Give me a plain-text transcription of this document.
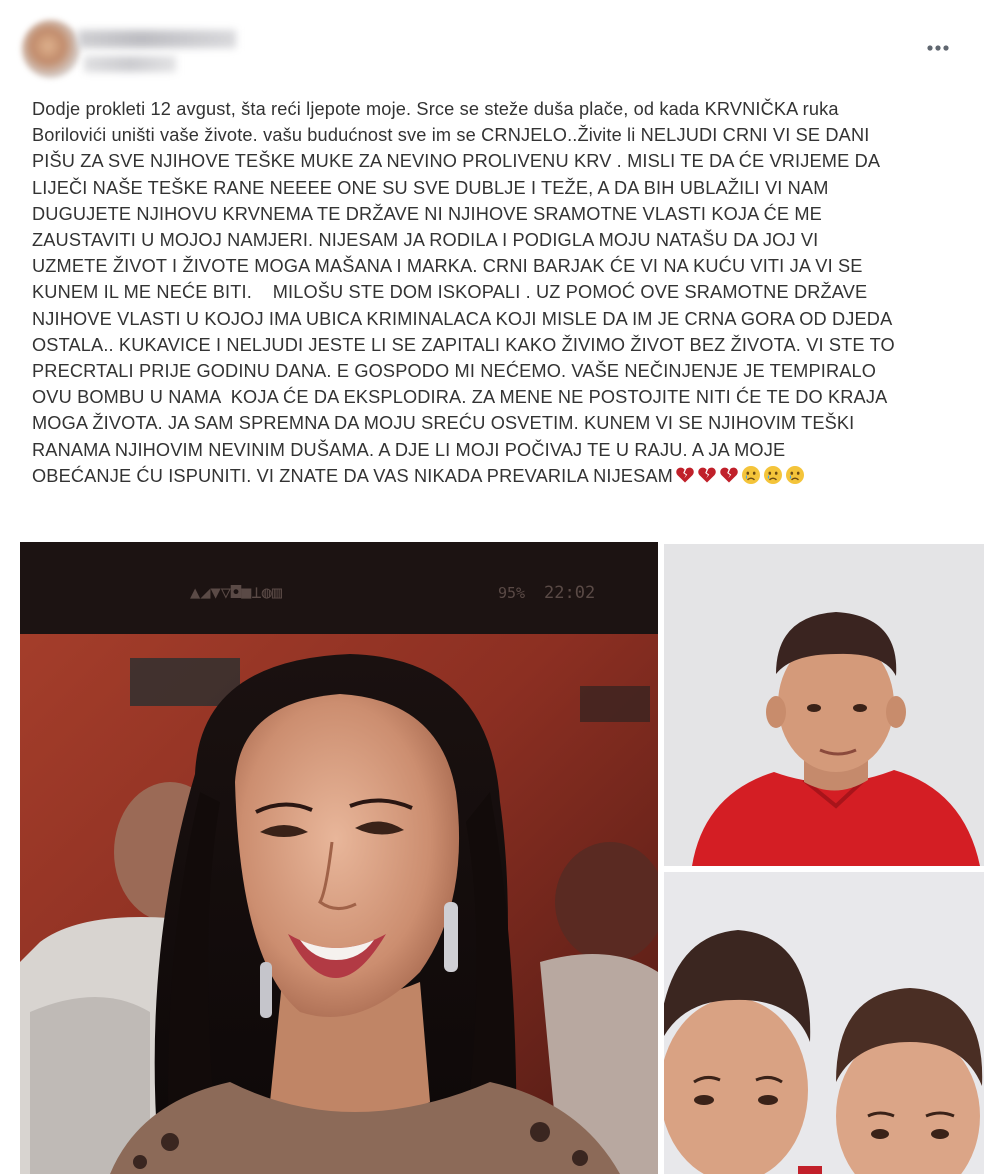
Dodje prokleti 12 avgust, šta reći ljepote moje. Srce se steže duša plače, od kada KRVNIČKA ruka
Borilovići uništi vaše živote. vašu budućnost sve im se CRNJELO..Živite li NELJUDI CRNI VI SE DANI
PIŠU ZA SVE NJIHOVE TEŠKE MUKE ZA NEVINO PROLIVENU KRV . MISLI TE DA ĆE VRIJEME DA
LIJEČI NAŠE TEŠKE RANE NEEEE ONE SU SVE DUBLJE I TEŽE, A DA BIH UBLAŽILI VI NAM
DUGUJETE NJIHOVU KRVNEMA TE DRŽAVE NI NJIHOVE SRAMOTNE VLASTI KOJA ĆE ME
ZAUSTAVITI U MOJOJ NAMJERI. NIJESAM JA RODILA I PODIGLA MOJU NATAŠU DA JOJ VI
UZMETE ŽIVOT I ŽIVOTE MOGA MAŠANA I MARKA. CRNI BARJAK ĆE VI NA KUĆU VITI JA VI SE
KUNEM IL ME NEĆE BITI.    MILOŠU STE DOM ISKOPALI . UZ POMOĆ OVE SRAMOTNE DRŽAVE
NJIHOVE VLASTI U KOJOJ IMA UBICA KRIMINALACA KOJI MISLE DA IM JE CRNA GORA OD DJEDA
OSTALA.. KUKAVICE I NELJUDI JESTE LI SE ZAPITALI KAKO ŽIVIMO ŽIVOT BEZ ŽIVOTA. VI STE TO
PRECRTALI PRIJE GODINU DANA. E GOSPODO MI NEĆEMO. VAŠE NEČINJENJE JE TEMPIRALO
OVU BOMBU U NAMA  KOJA ĆE DA EKSPLODIRA. ZA MENE NE POSTOJITE NITI ĆE TE DO KRAJA
MOGA ŽIVOTA. JA SAM SPREMNA DA MOJU SREĆU OSVETIM. KUNEM VI SE NJIHOVIM TEŠKI
RANAMA NJIHOVIM NEVINIM DUŠAMA. A DJE LI MOJI POČIVAJ TE U RAJU. A JA MOJE
OBEĆANJE ĆU ISPUNITI. VI ZNATE DA VAS NIKADA PREVARILA NIJESAM
▲◢▼▽◘■⊥◍▥	22:02
95%
